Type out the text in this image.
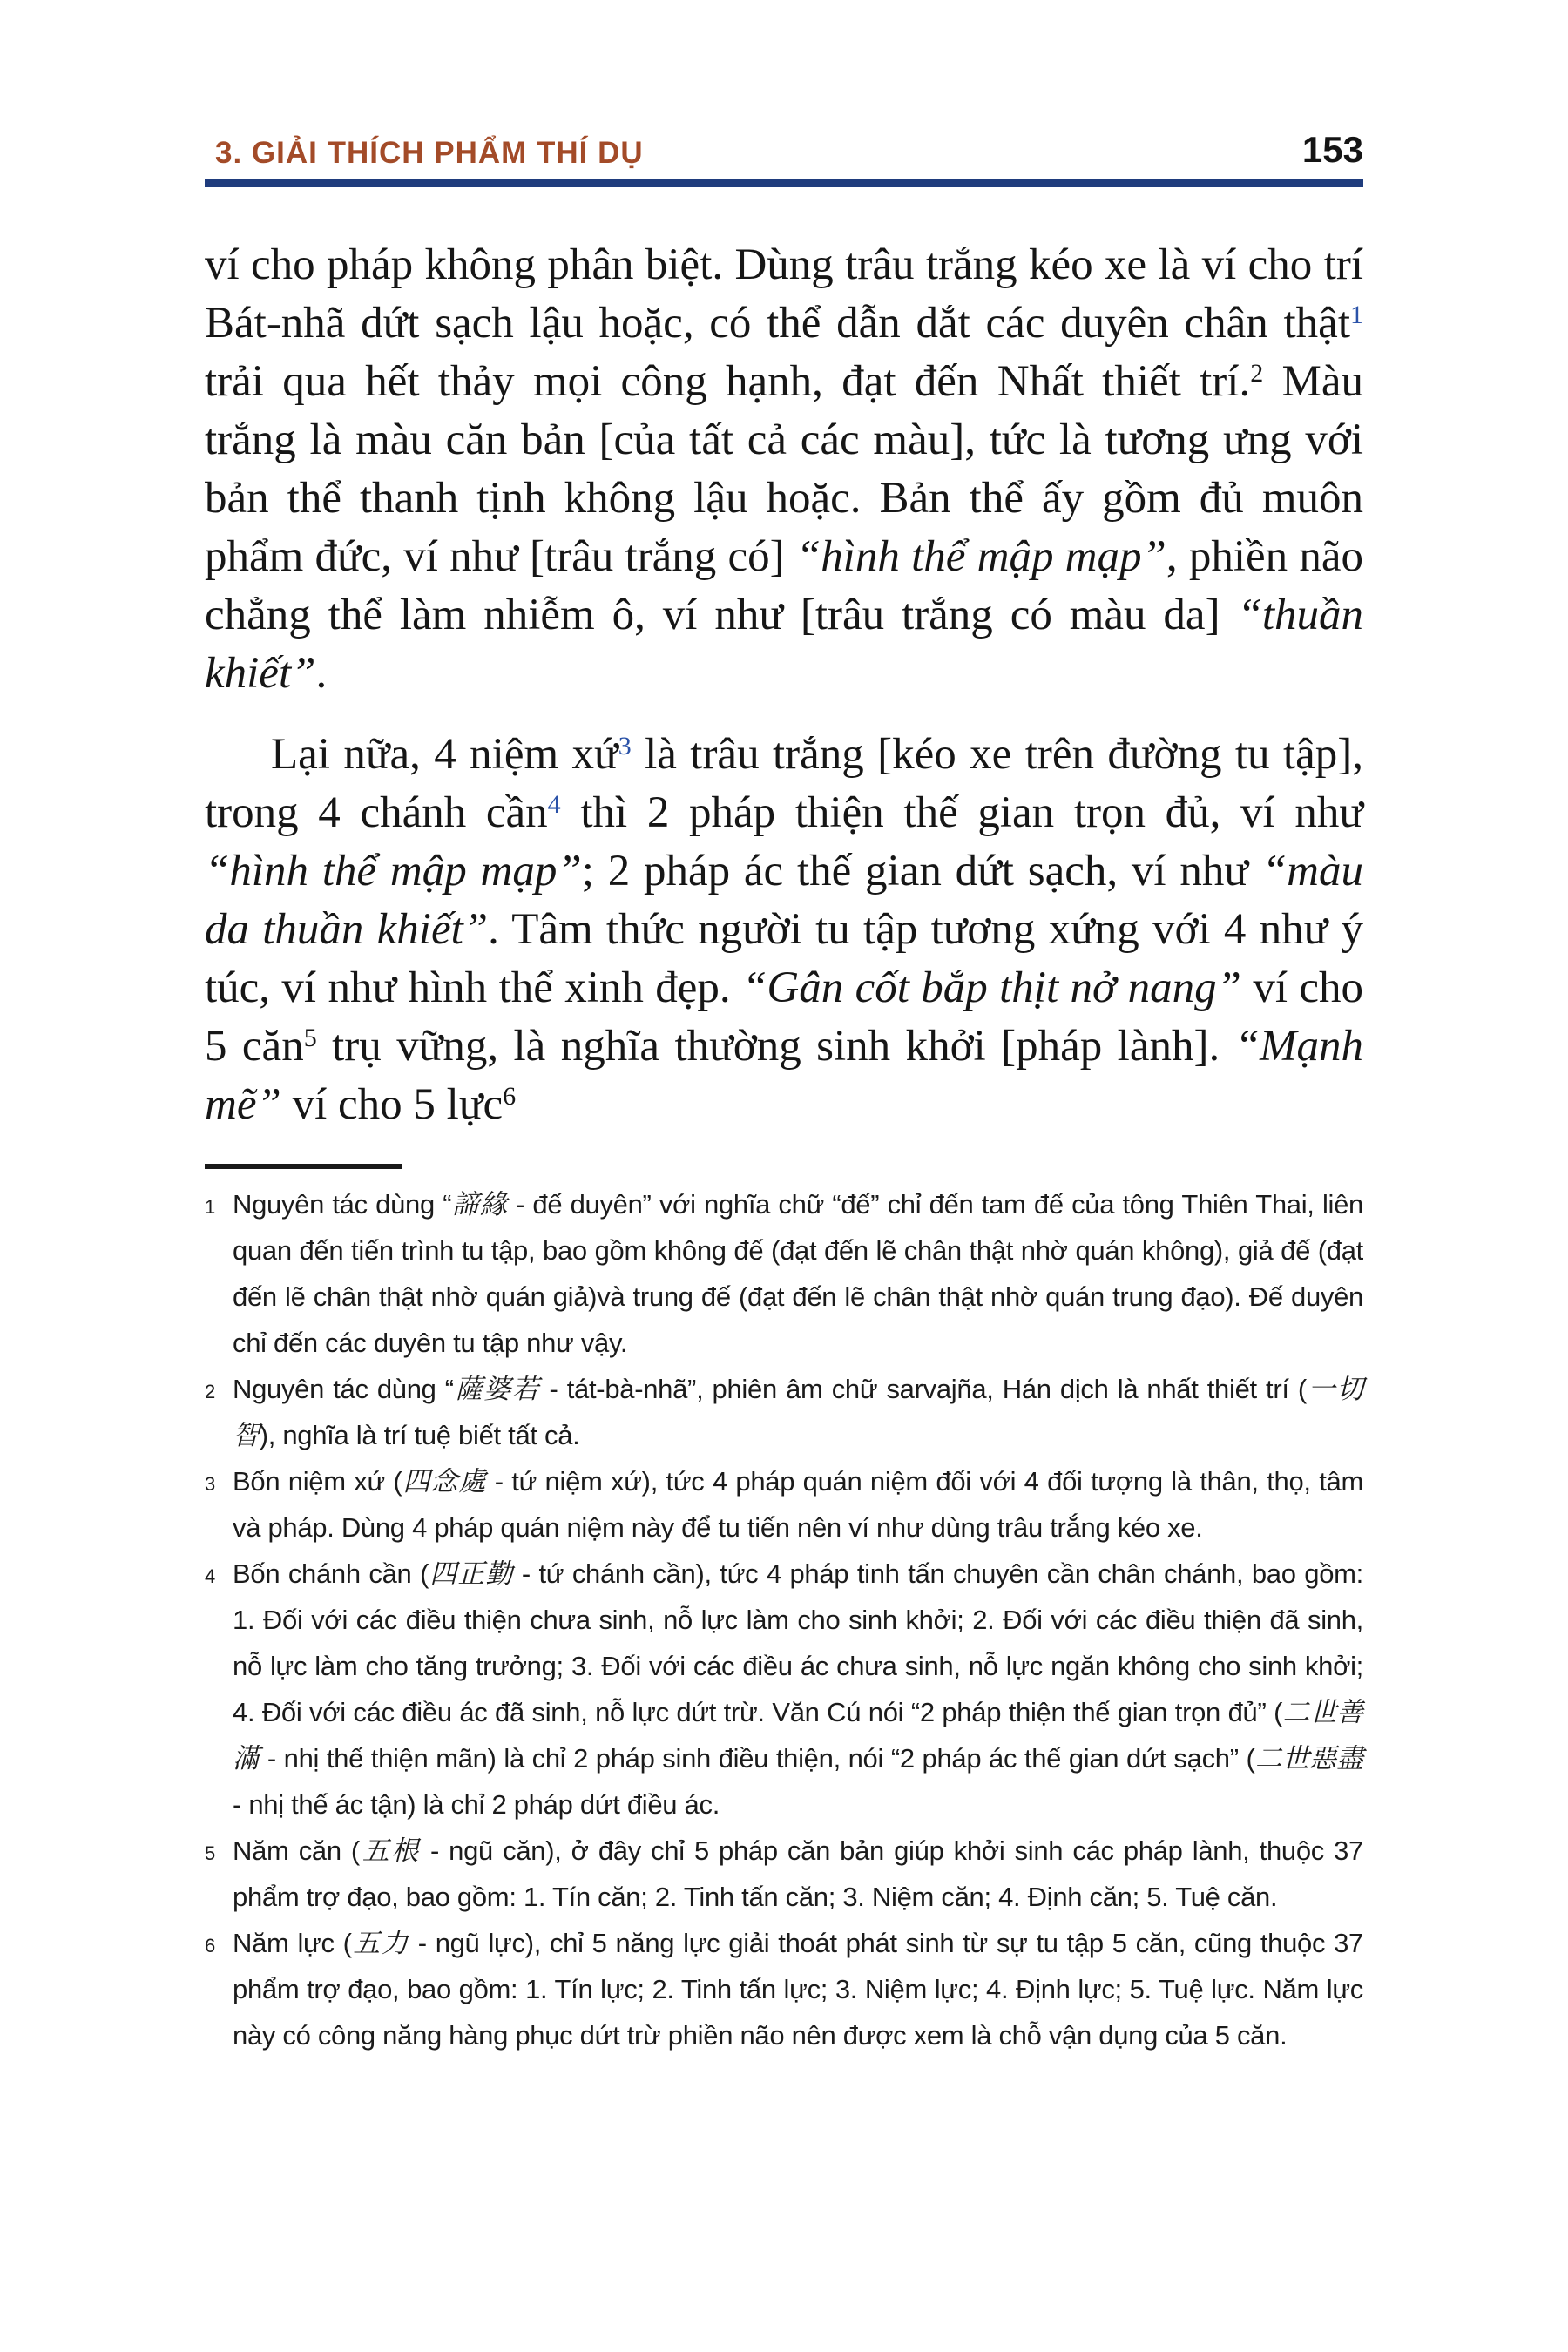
3. GIẢI THÍCH PHẨM THÍ DỤ	153

ví cho pháp không phân biệt. Dùng trâu trắng kéo xe là ví cho trí Bát-nhã dứt sạch lậu hoặc, có thể dẫn dắt các duyên chân thật$^1$ trải qua hết thảy mọi công hạnh, đạt đến Nhất thiết trí.$^2$ Màu trắng là màu căn bản [của tất cả các màu], tức là tương ưng với bản thể thanh tịnh không lậu hoặc. Bản thể ấy gồm đủ muôn phẩm đức, ví như [trâu trắng có] “hình thể mập mạp”, phiền não chẳng thể làm nhiễm ô, ví như [trâu trắng có màu da] “thuần khiết”.

Lại nữa, 4 niệm xứ$^3$ là trâu trắng [kéo xe trên đường tu tập], trong 4 chánh cần$^4$ thì 2 pháp thiện thế gian trọn đủ, ví như “hình thể mập mạp”; 2 pháp ác thế gian dứt sạch, ví như “màu da thuần khiết”. Tâm thức người tu tập tương xứng với 4 như ý túc, ví như hình thể xinh đẹp. “Gân cốt bắp thịt nở nang” ví cho 5 căn$^5$ trụ vững, là nghĩa thường sinh khởi [pháp lành]. “Mạnh mẽ” ví cho 5 lực$^6$

1 Nguyên tác dùng “諦緣 - đế duyên” với nghĩa chữ “đế” chỉ đến tam đế của tông Thiên Thai, liên quan đến tiến trình tu tập, bao gồm không đế (đạt đến lẽ chân thật nhờ quán không), giả đế (đạt đến lẽ chân thật nhờ quán giả)và trung đế (đạt đến lẽ chân thật nhờ quán trung đạo). Đế duyên chỉ đến các duyên tu tập như vậy.
2 Nguyên tác dùng “薩婆若 - tát-bà-nhã”, phiên âm chữ sarvajña, Hán dịch là nhất thiết trí (一切智), nghĩa là trí tuệ biết tất cả.
3 Bốn niệm xứ (四念處 - tứ niệm xứ), tức 4 pháp quán niệm đối với 4 đối tượng là thân, thọ, tâm và pháp. Dùng 4 pháp quán niệm này để tu tiến nên ví như dùng trâu trắng kéo xe.
4 Bốn chánh cần (四正勤 - tứ chánh cần), tức 4 pháp tinh tấn chuyên cần chân chánh, bao gồm: 1. Đối với các điều thiện chưa sinh, nỗ lực làm cho sinh khởi; 2. Đối với các điều thiện đã sinh, nỗ lực làm cho tăng trưởng; 3. Đối với các điều ác chưa sinh, nỗ lực ngăn không cho sinh khởi; 4. Đối với các điều ác đã sinh, nỗ lực dứt trừ. Văn Cú nói “2 pháp thiện thế gian trọn đủ” (二世善滿 - nhị thế thiện mãn) là chỉ 2 pháp sinh điều thiện, nói “2 pháp ác thế gian dứt sạch” (二世惡盡 - nhị thế ác tận) là chỉ 2 pháp dứt điều ác.
5 Năm căn (五根 - ngũ căn), ở đây chỉ 5 pháp căn bản giúp khởi sinh các pháp lành, thuộc 37 phẩm trợ đạo, bao gồm: 1. Tín căn; 2. Tinh tấn căn; 3. Niệm căn; 4. Định căn; 5. Tuệ căn.
6 Năm lực (五力 - ngũ lực), chỉ 5 năng lực giải thoát phát sinh từ sự tu tập 5 căn, cũng thuộc 37 phẩm trợ đạo, bao gồm: 1. Tín lực; 2. Tinh tấn lực; 3. Niệm lực; 4. Định lực; 5. Tuệ lực. Năm lực này có công năng hàng phục dứt trừ phiền não nên được xem là chỗ vận dụng của 5 căn.
